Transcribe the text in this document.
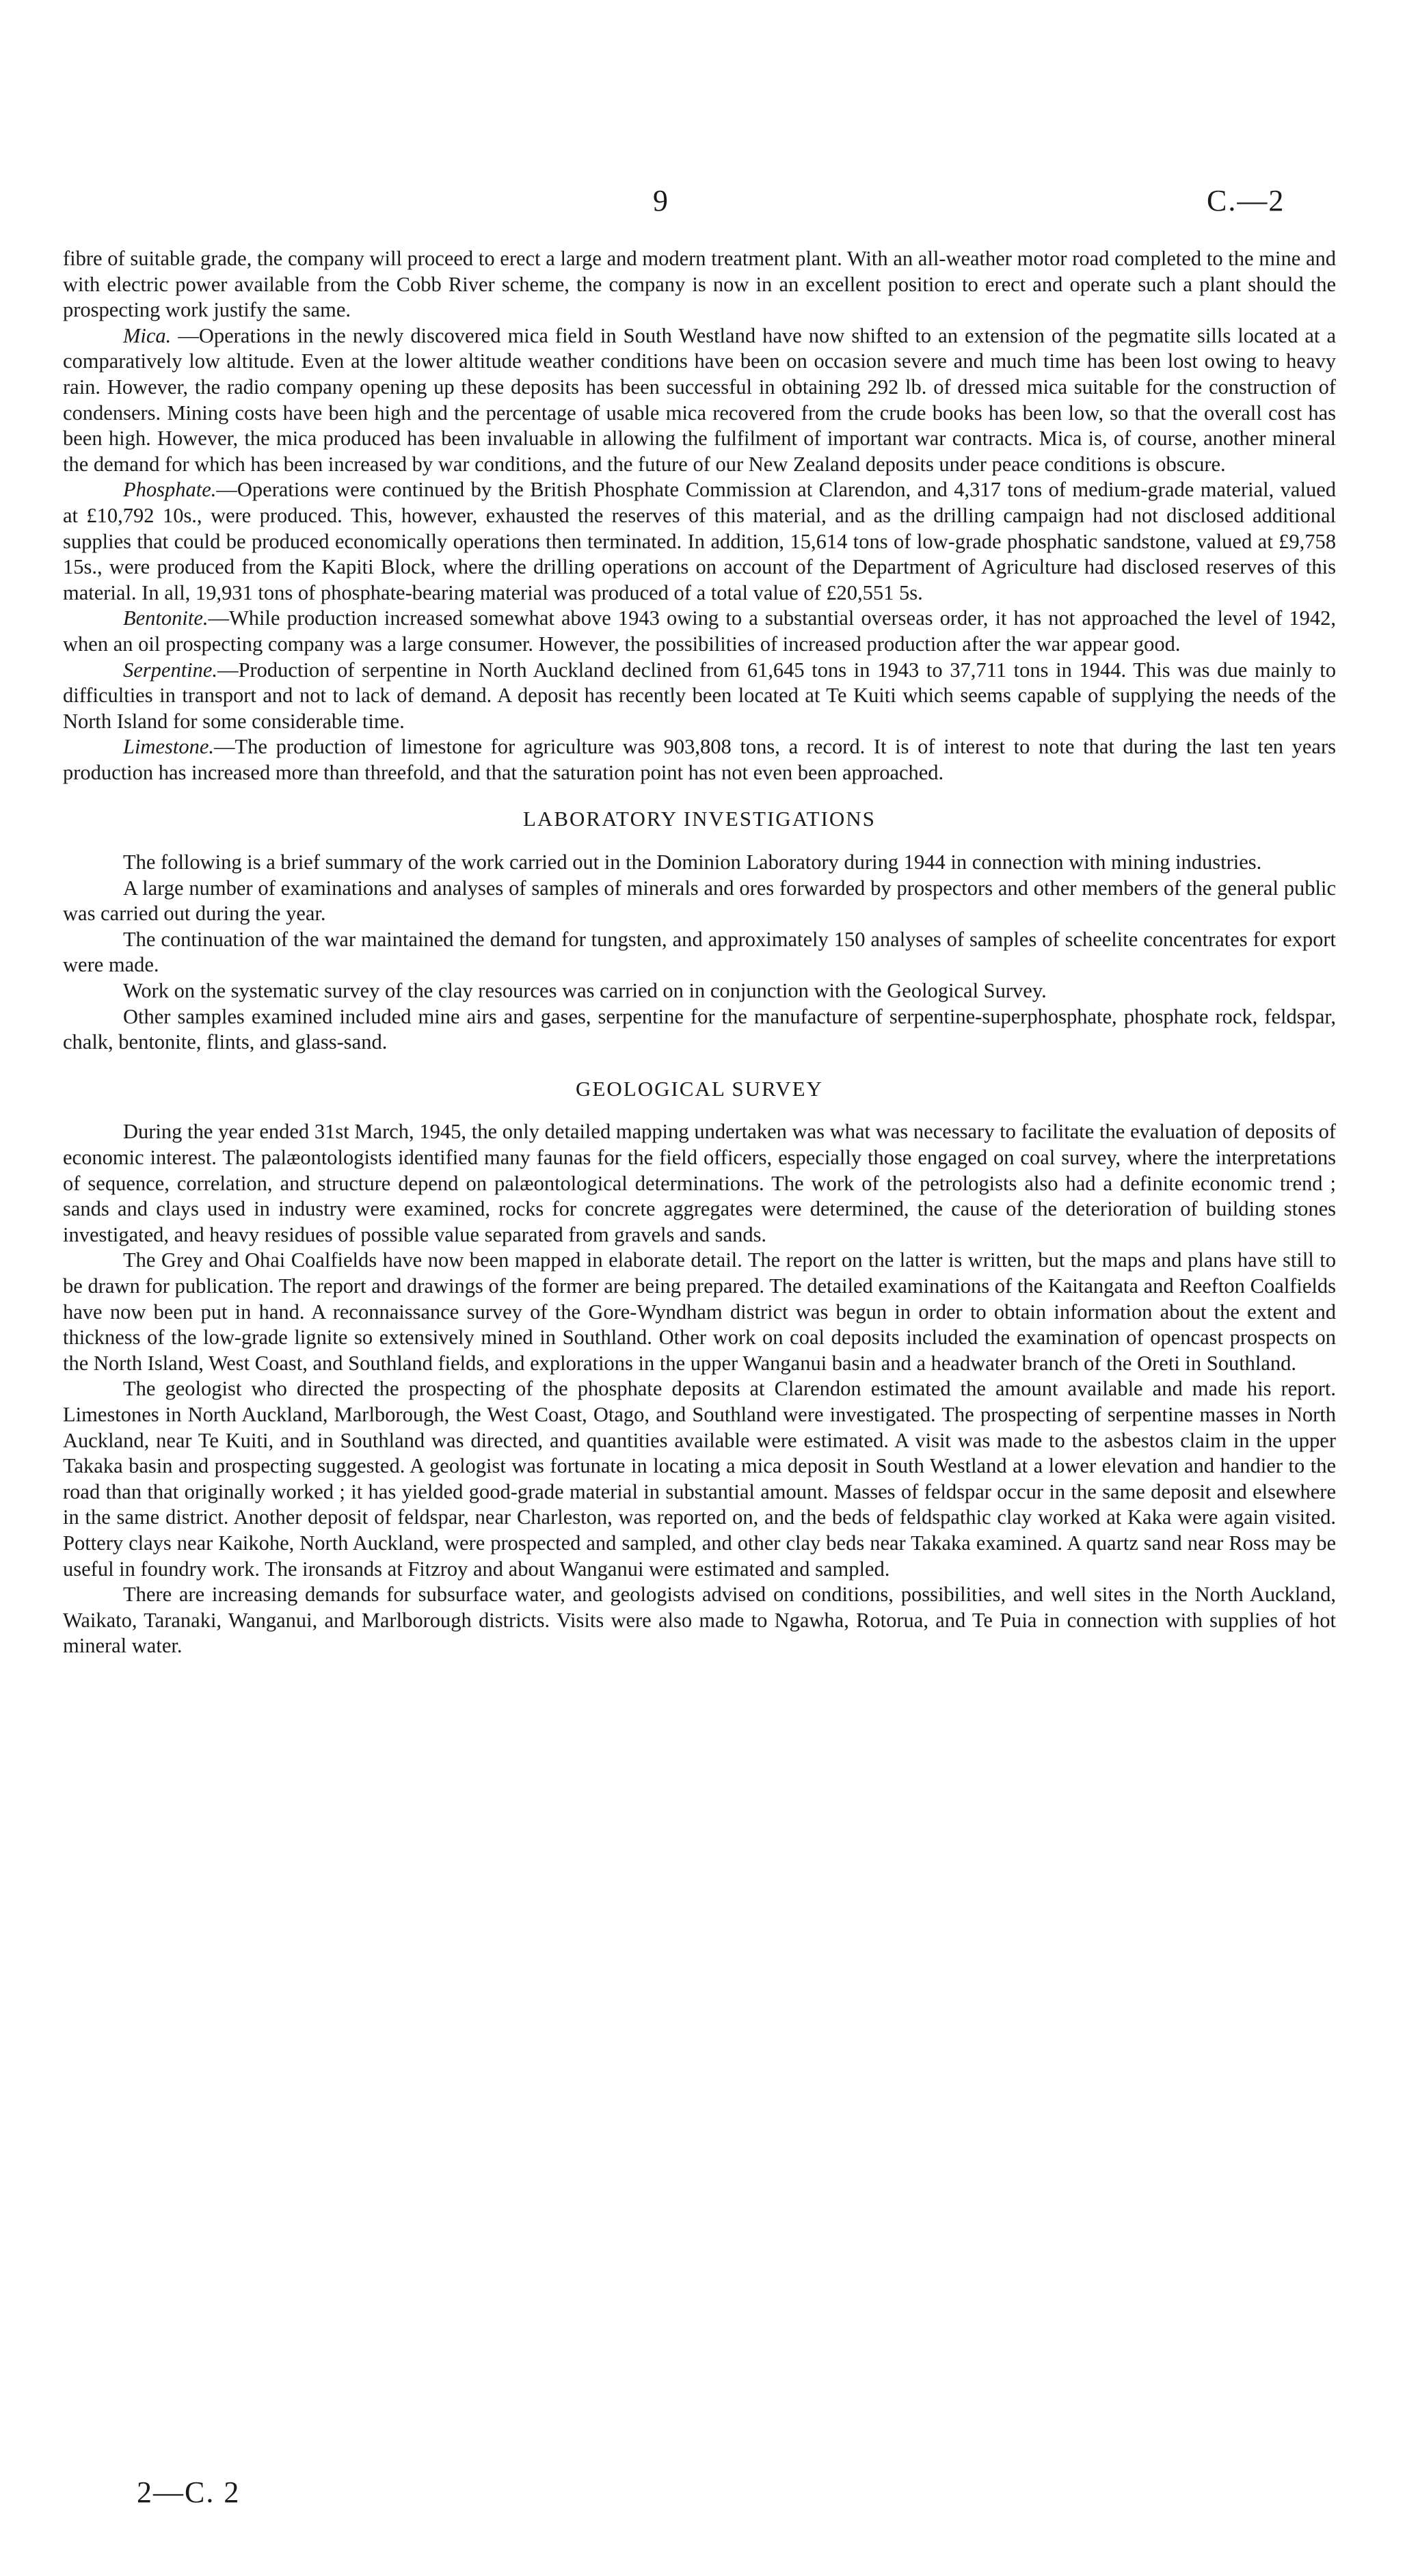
9	C.—2

fibre of suitable grade, the company will proceed to erect a large and modern treatment plant. With an all-weather motor road completed to the mine and with electric power available from the Cobb River scheme, the company is now in an excellent position to erect and operate such a plant should the prospecting work justify the same.

Mica. —Operations in the newly discovered mica field in South Westland have now shifted to an extension of the pegmatite sills located at a comparatively low altitude. Even at the lower altitude weather conditions have been on occasion severe and much time has been lost owing to heavy rain. However, the radio company opening up these deposits has been successful in obtaining 292 lb. of dressed mica suitable for the construction of condensers. Mining costs have been high and the percentage of usable mica recovered from the crude books has been low, so that the overall cost has been high. However, the mica produced has been invaluable in allowing the fulfilment of important war contracts. Mica is, of course, another mineral the demand for which has been increased by war conditions, and the future of our New Zealand deposits under peace conditions is obscure.

Phosphate.—Operations were continued by the British Phosphate Commission at Clarendon, and 4,317 tons of medium-grade material, valued at £10,792 10s., were produced. This, however, exhausted the reserves of this material, and as the drilling campaign had not disclosed additional supplies that could be produced economically operations then terminated. In addition, 15,614 tons of low-grade phosphatic sandstone, valued at £9,758 15s., were produced from the Kapiti Block, where the drilling operations on account of the Department of Agriculture had disclosed reserves of this material. In all, 19,931 tons of phosphate-bearing material was produced of a total value of £20,551 5s.

Bentonite.—While production increased somewhat above 1943 owing to a substantial overseas order, it has not approached the level of 1942, when an oil prospecting company was a large consumer. However, the possibilities of increased production after the war appear good.

Serpentine.—Production of serpentine in North Auckland declined from 61,645 tons in 1943 to 37,711 tons in 1944. This was due mainly to difficulties in transport and not to lack of demand. A deposit has recently been located at Te Kuiti which seems capable of supplying the needs of the North Island for some considerable time.

Limestone.—The production of limestone for agriculture was 903,808 tons, a record. It is of interest to note that during the last ten years production has increased more than threefold, and that the saturation point has not even been approached.

LABORATORY INVESTIGATIONS

The following is a brief summary of the work carried out in the Dominion Laboratory during 1944 in connection with mining industries.

A large number of examinations and analyses of samples of minerals and ores forwarded by prospectors and other members of the general public was carried out during the year.

The continuation of the war maintained the demand for tungsten, and approximately 150 analyses of samples of scheelite concentrates for export were made.

Work on the systematic survey of the clay resources was carried on in conjunction with the Geological Survey.

Other samples examined included mine airs and gases, serpentine for the manufacture of serpentine-superphosphate, phosphate rock, feldspar, chalk, bentonite, flints, and glass-sand.

GEOLOGICAL SURVEY

During the year ended 31st March, 1945, the only detailed mapping undertaken was what was necessary to facilitate the evaluation of deposits of economic interest. The palæontologists identified many faunas for the field officers, especially those engaged on coal survey, where the interpretations of sequence, correlation, and structure depend on palæontological determinations. The work of the petrologists also had a definite economic trend ; sands and clays used in industry were examined, rocks for concrete aggregates were determined, the cause of the deterioration of building stones investigated, and heavy residues of possible value separated from gravels and sands.

The Grey and Ohai Coalfields have now been mapped in elaborate detail. The report on the latter is written, but the maps and plans have still to be drawn for publication. The report and drawings of the former are being prepared. The detailed examinations of the Kaitangata and Reefton Coalfields have now been put in hand. A reconnaissance survey of the Gore-Wyndham district was begun in order to obtain information about the extent and thickness of the low-grade lignite so extensively mined in Southland. Other work on coal deposits included the examination of opencast prospects on the North Island, West Coast, and Southland fields, and explorations in the upper Wanganui basin and a headwater branch of the Oreti in Southland.

The geologist who directed the prospecting of the phosphate deposits at Clarendon estimated the amount available and made his report. Limestones in North Auckland, Marlborough, the West Coast, Otago, and Southland were investigated. The prospecting of serpentine masses in North Auckland, near Te Kuiti, and in Southland was directed, and quantities available were estimated. A visit was made to the asbestos claim in the upper Takaka basin and prospecting suggested. A geologist was fortunate in locating a mica deposit in South Westland at a lower elevation and handier to the road than that originally worked ; it has yielded good-grade material in substantial amount. Masses of feldspar occur in the same deposit and elsewhere in the same district. Another deposit of feldspar, near Charleston, was reported on, and the beds of feldspathic clay worked at Kaka were again visited. Pottery clays near Kaikohe, North Auckland, were prospected and sampled, and other clay beds near Takaka examined. A quartz sand near Ross may be useful in foundry work. The ironsands at Fitzroy and about Wanganui were estimated and sampled.

There are increasing demands for subsurface water, and geologists advised on conditions, possibilities, and well sites in the North Auckland, Waikato, Taranaki, Wanganui, and Marlborough districts. Visits were also made to Ngawha, Rotorua, and Te Puia in connection with supplies of hot mineral water.

2—C. 2
